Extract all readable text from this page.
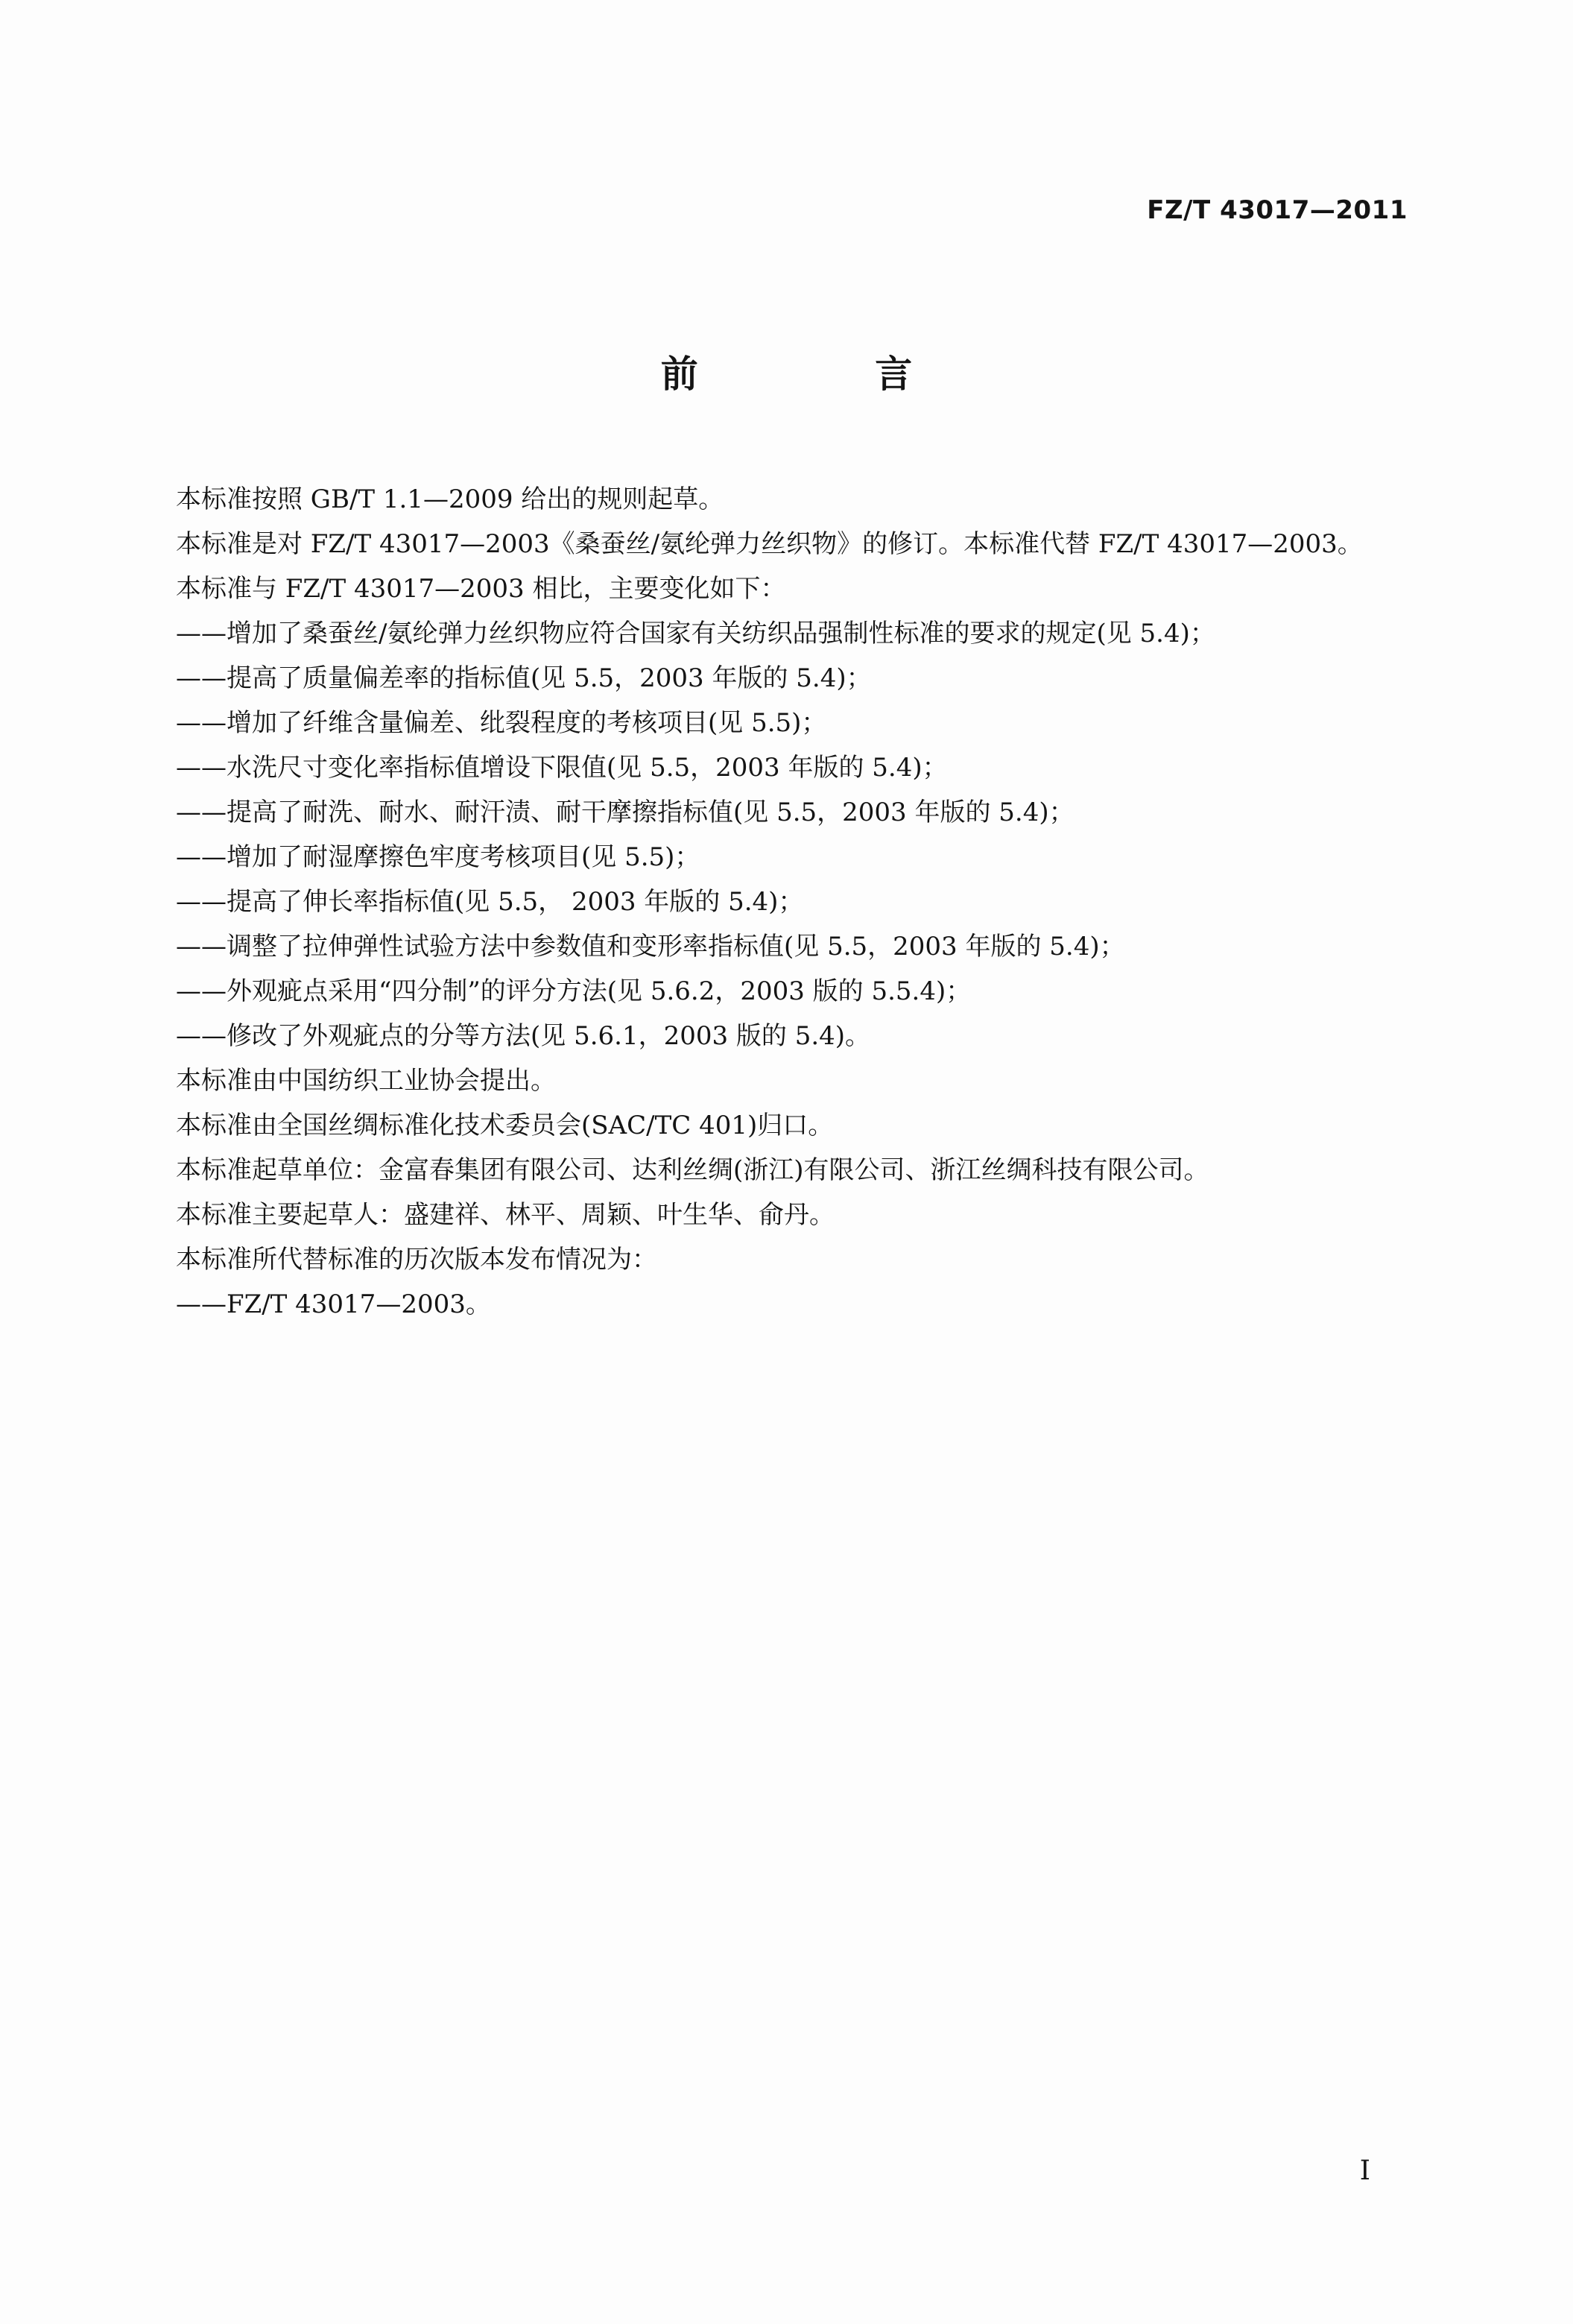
FZ/T 43017—2011
前 言
本标准按照 GB/T 1.1—2009 给出的规则起草。
本标准是对 FZ/T 43017—2003《桑蚕丝/氨纶弹力丝织物》的修订。本标准代替 FZ/T 43017—2003。
本标准与 FZ/T 43017—2003 相比，主要变化如下：
——增加了桑蚕丝/氨纶弹力丝织物应符合国家有关纺织品强制性标准的要求的规定(见 5.4)；
——提高了质量偏差率的指标值(见 5.5，2003 年版的 5.4)；
——增加了纤维含量偏差、纰裂程度的考核项目(见 5.5)；
——水洗尺寸变化率指标值增设下限值(见 5.5，2003 年版的 5.4)；
——提高了耐洗、耐水、耐汗渍、耐干摩擦指标值(见 5.5，2003 年版的 5.4)；
——增加了耐湿摩擦色牢度考核项目(见 5.5)；
——提高了伸长率指标值(见 5.5， 2003 年版的 5.4)；
——调整了拉伸弹性试验方法中参数值和变形率指标值(见 5.5，2003 年版的 5.4)；
——外观疵点采用“四分制”的评分方法(见 5.6.2，2003 版的 5.5.4)；
——修改了外观疵点的分等方法(见 5.6.1，2003 版的 5.4)。
本标准由中国纺织工业协会提出。
本标准由全国丝绸标准化技术委员会(SAC/TC 401)归口。
本标准起草单位：金富春集团有限公司、达利丝绸(浙江)有限公司、浙江丝绸科技有限公司。
本标准主要起草人：盛建祥、林平、周颖、叶生华、俞丹。
本标准所代替标准的历次版本发布情况为：
——FZ/T 43017—2003。
I
